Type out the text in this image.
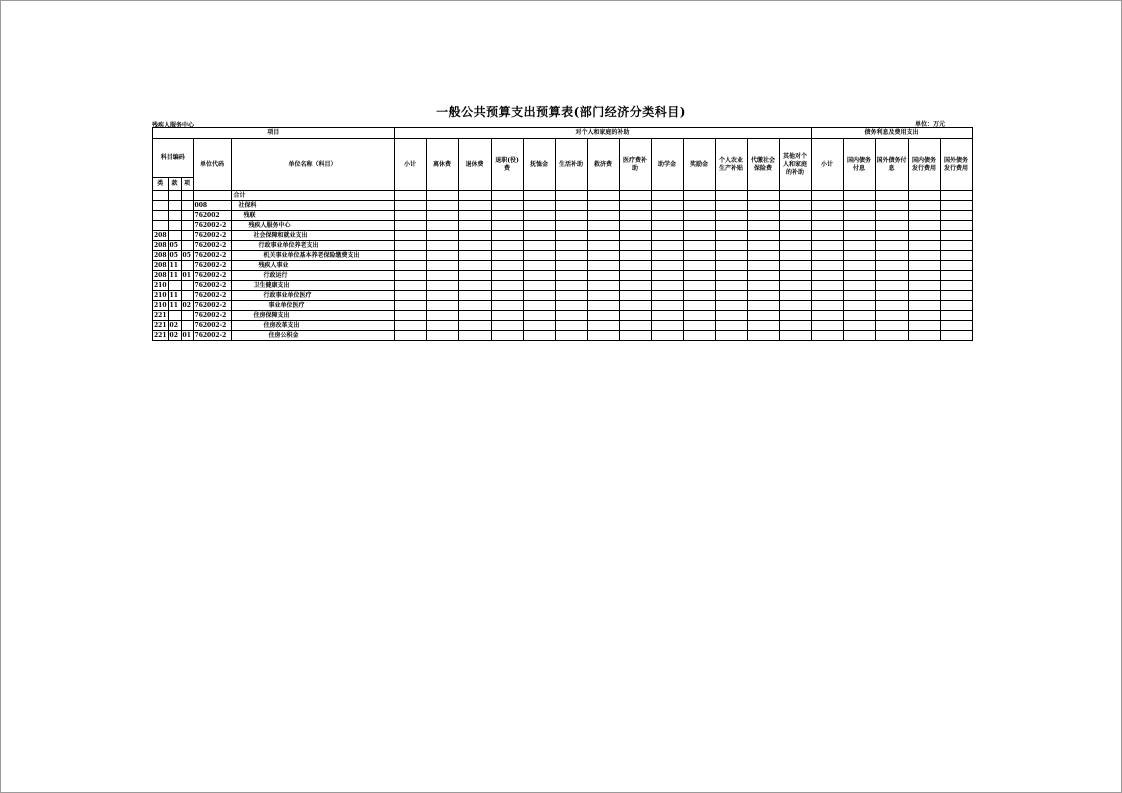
一般公共预算支出预算表(部门经济分类科目)
残疾人服务中心	单位：万元
项目					对个人和家庭的补助													债务利息及费用支出				
科目编码			单位代码	单位名称（科目）	小计	离休费	退休费	退职(役)费	抚恤金	生活补助	救济费	医疗费补助	助学金	奖励金	个人农业生产补贴	代缴社会保险费	其他对个人和家庭的补助	小计	国内债务付息	国外债务付息	国内债务发行费用	国外债务发行费用
类	款	项																				
				合计																		
			008	社保科																		
			762002	残联																		
			762002-2	残疾人服务中心																		
208			762002-2	社会保障和就业支出																		
208	05		762002-2	行政事业单位养老支出																		
208	05	05	762002-2	机关事业单位基本养老保险缴费支出																		
208	11		762002-2	残疾人事业																		
208	11	01	762002-2	行政运行																		
210			762002-2	卫生健康支出																		
210	11		762002-2	行政事业单位医疗																		
210	11	02	762002-2	事业单位医疗																		
221			762002-2	住房保障支出																		
221	02		762002-2	住房改革支出																		
221	02	01	762002-2	住房公积金																		
